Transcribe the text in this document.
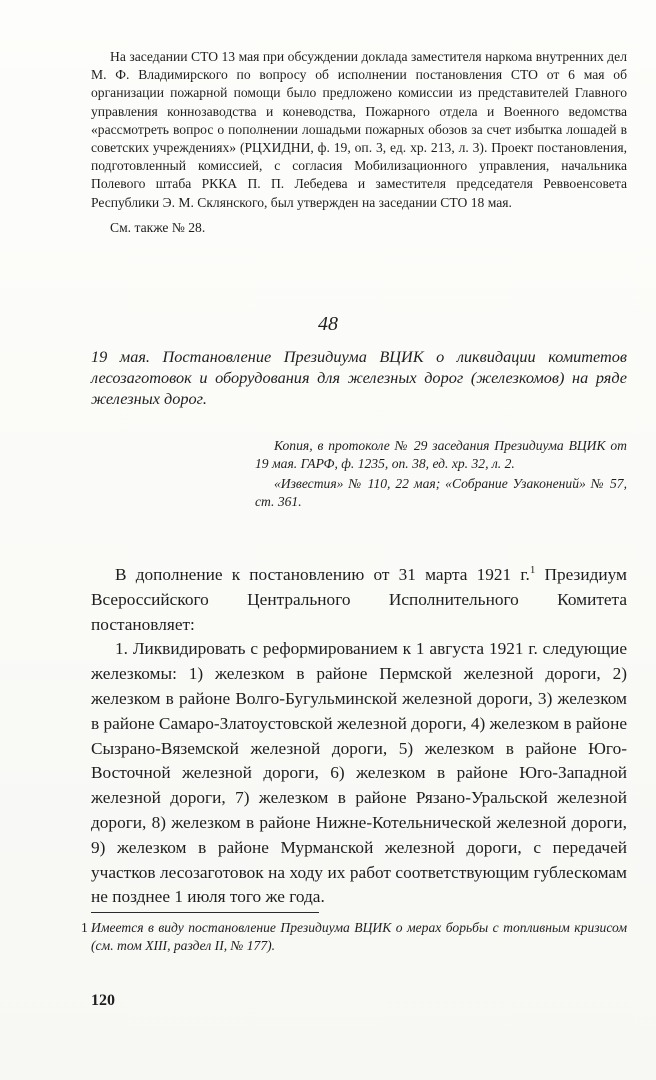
На заседании СТО 13 мая при обсуждении доклада заместителя наркома внутренних дел М. Ф. Владимирского по вопросу об исполнении постановления СТО от 6 мая об организации пожарной помощи было предложено комиссии из представителей Главного управления коннозаводства и коневодства, Пожарного отдела и Военного ведомства «рассмотреть вопрос о пополнении лошадьми пожарных обозов за счет избытка лошадей в советских учреждениях» (РЦХИДНИ, ф. 19, оп. 3, ед. хр. 213, л. 3). Проект постановления, подготовленный комиссией, с согласия Мобилизационного управления, начальника Полевого штаба РККА П. П. Лебедева и заместителя председателя Реввоенсовета Республики Э. М. Склянского, был утвержден на заседании СТО 18 мая.

См. также № 28.

48

19 мая. Постановление Президиума ВЦИК о ликвидации комитетов лесозаготовок и оборудования для железных дорог (железкомов) на ряде железных дорог.

Копия, в протоколе № 29 заседания Президиума ВЦИК от 19 мая. ГАРФ, ф. 1235, оп. 38, ед. хр. 32, л. 2.

«Известия» № 110, 22 мая; «Собрание Узаконений» № 57, ст. 361.

В дополнение к постановлению от 31 марта 1921 г.$^1$ Президиум Всероссийского Центрального Исполнительного Комитета постановляет:

1. Ликвидировать с реформированием к 1 августа 1921 г. следующие железкомы: 1) железком в районе Пермской железной дороги, 2) железком в районе Волго-Бугульминской железной дороги, 3) железком в районе Самаро-Златоустовской железной дороги, 4) железком в районе Сызрано-Вяземской железной дороги, 5) железком в районе Юго-Восточной железной дороги, 6) железком в районе Юго-Западной железной дороги, 7) железком в районе Рязано-Уральской железной дороги, 8) железком в районе Нижне-Котельнической железной дороги, 9) железком в районе Мурманской железной дороги, с передачей участков лесозаготовок на ходу их работ соответствующим гублескомам не позднее 1 июля того же года.

1 Имеется в виду постановление Президиума ВЦИК о мерах борьбы с топливным кризисом (см. том XIII, раздел II, № 177).
120
